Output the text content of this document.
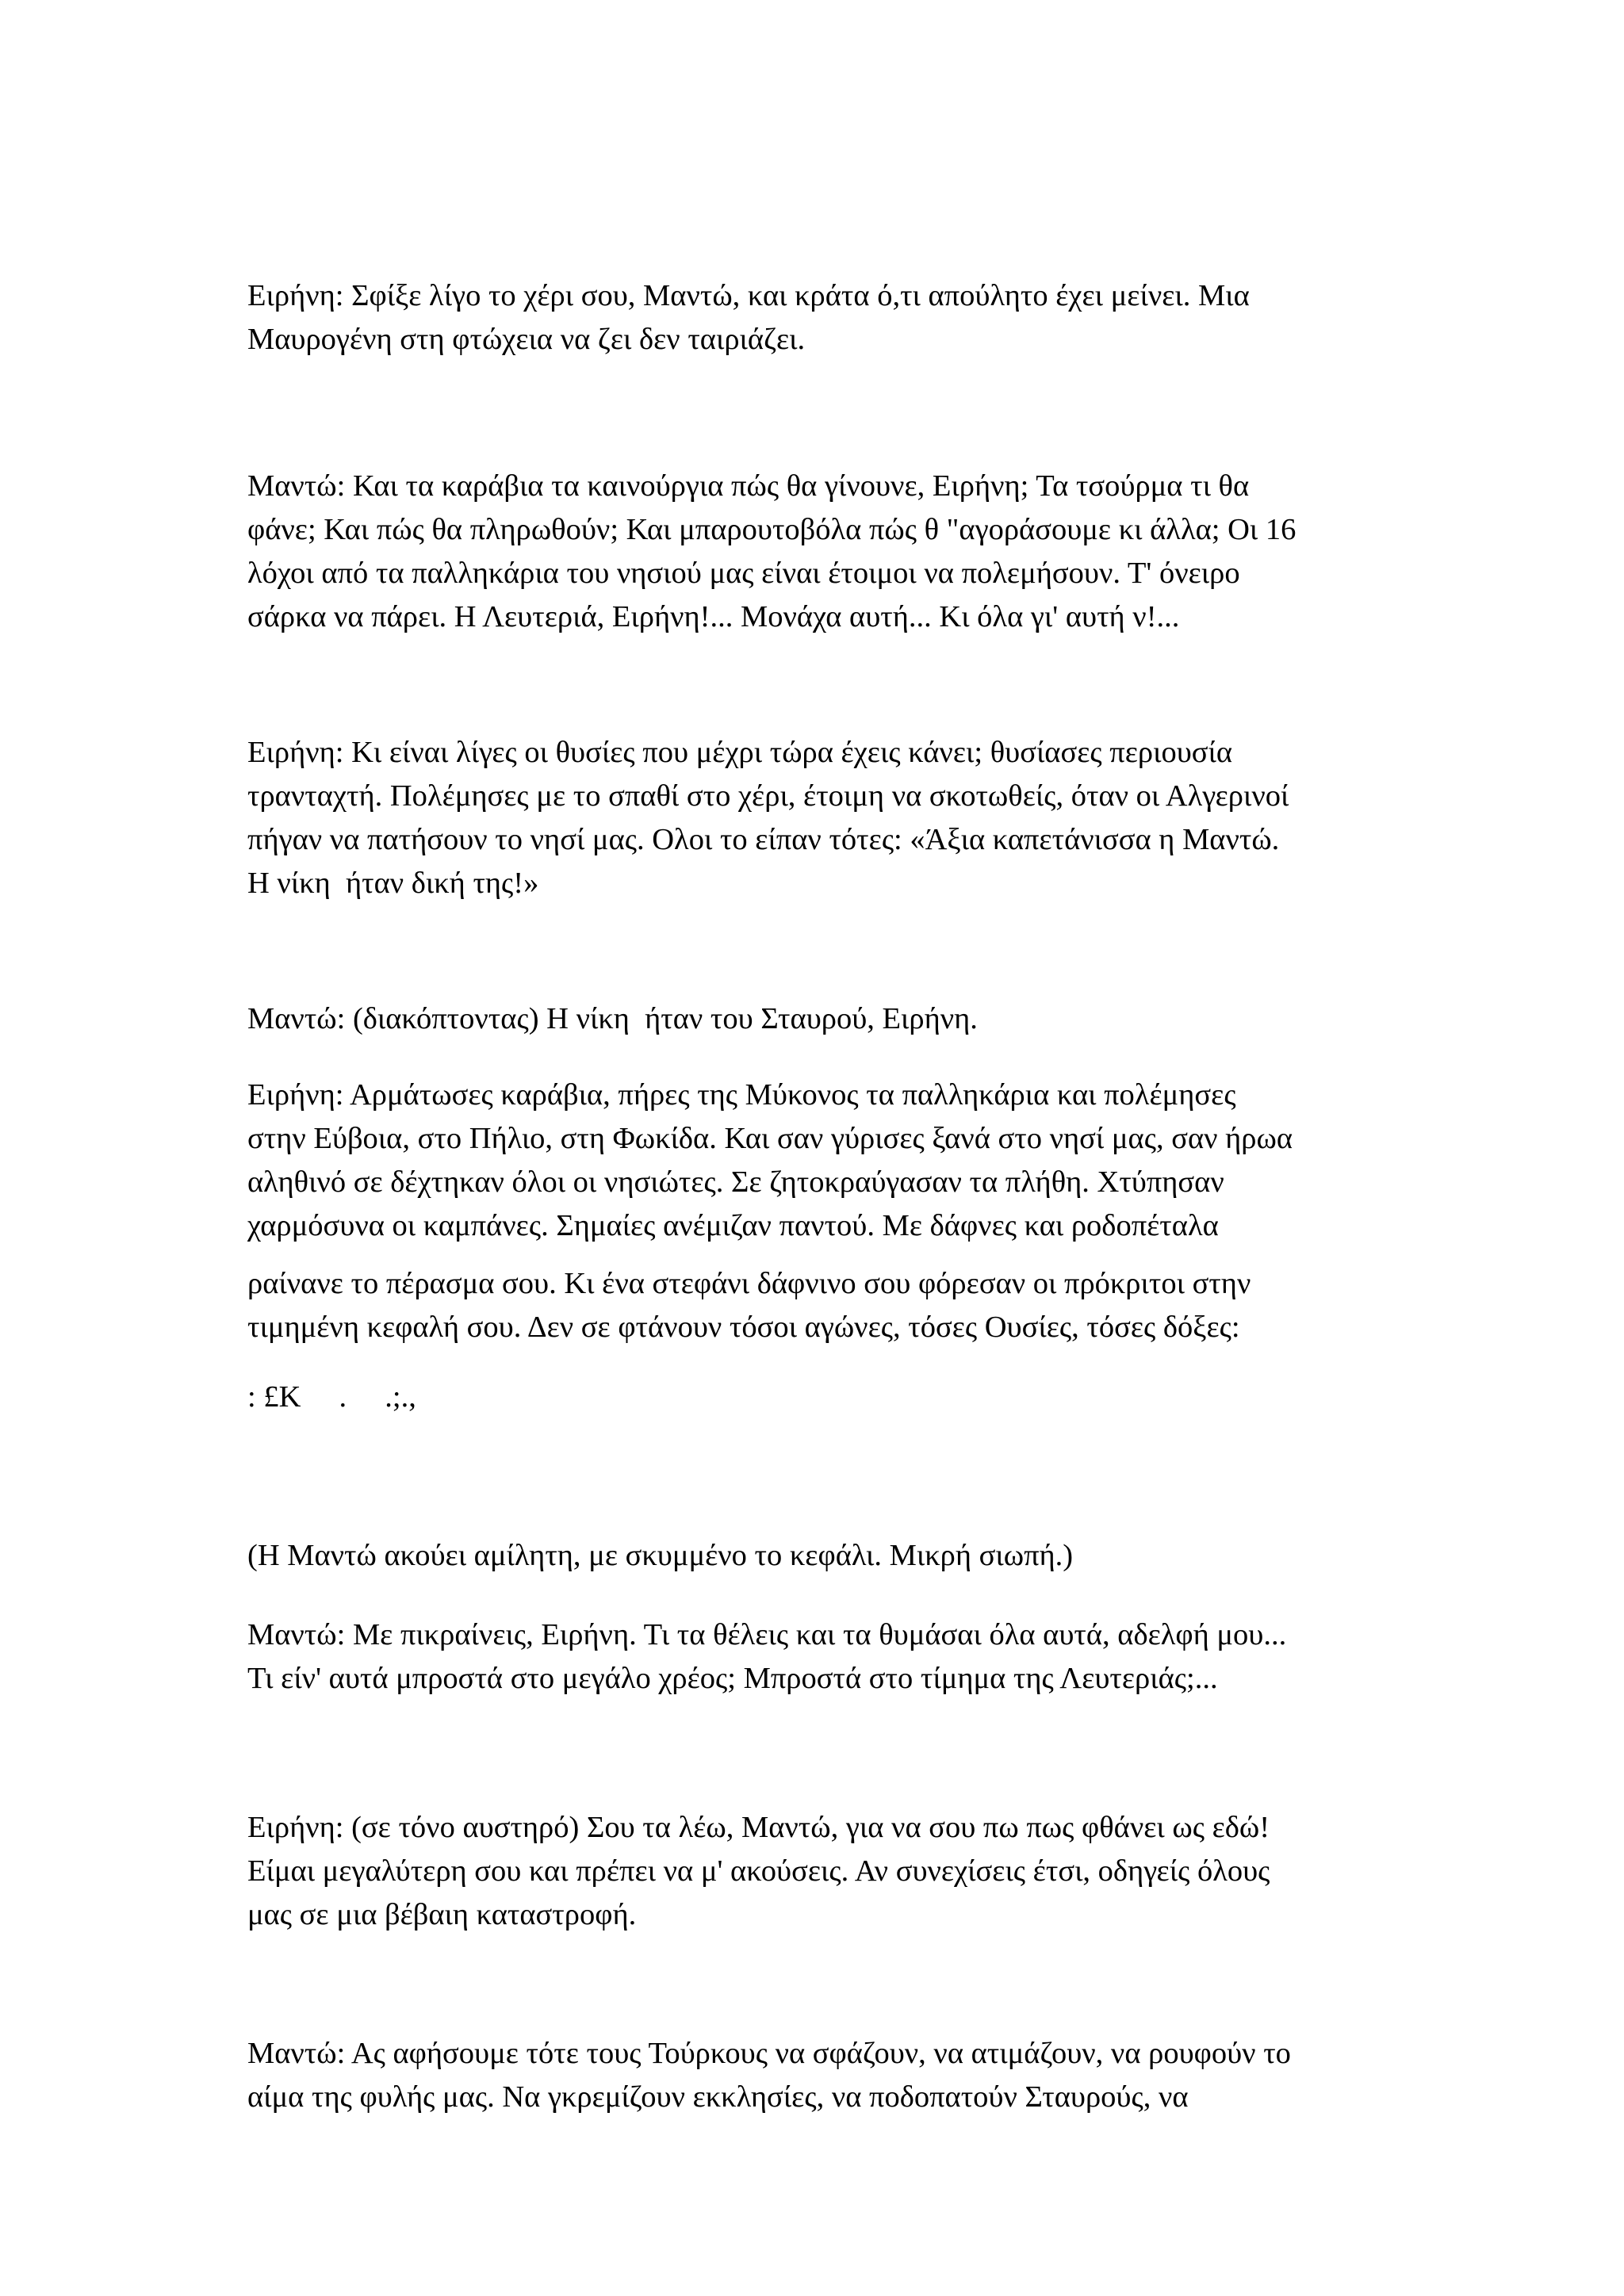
Ειρήνη: Σφίξε λίγο το χέρι σου, Μαντώ, και κράτα ό,τι απούλητο έχει μείνει. Μια
Μαυρογένη στη φτώχεια να ζει δεν ταιριάζει.

Μαντώ: Και τα καράβια τα καινούργια πώς θα γίνουνε, Ειρήνη; Τα τσούρμα τι θα
φάνε; Και πώς θα πληρωθούν; Και μπαρουτοβόλα πώς θ "αγοράσουμε κι άλλα; Οι 16
λόχοι από τα παλληκάρια του νησιού μας είναι έτοιμοι να πολεμήσουν. Τ' όνειρο
σάρκα να πάρει. Η Λευτεριά, Ειρήνη!... Μονάχα αυτή... Κι όλα γι' αυτή ν!...

Ειρήνη: Κι είναι λίγες οι θυσίες που μέχρι τώρα έχεις κάνει; θυσίασες περιουσία
τρανταχτή. Πολέμησες με το σπαθί στο χέρι, έτοιμη να σκοτωθείς, όταν οι Αλγερινοί
πήγαν να πατήσουν το νησί μας. Ολοι το είπαν τότες: «Άξια καπετάνισσα η Μαντώ.
Η νίκη  ήταν δική της!»

Μαντώ: (διακόπτοντας) Η νίκη  ήταν του Σταυρού, Ειρήνη.

Ειρήνη: Αρμάτωσες καράβια, πήρες της Μύκονος τα παλληκάρια και πολέμησες
στην Εύβοια, στο Πήλιο, στη Φωκίδα. Και σαν γύρισες ξανά στο νησί μας, σαν ήρωα
αληθινό σε δέχτηκαν όλοι οι νησιώτες. Σε ζητοκραύγασαν τα πλήθη. Χτύπησαν
χαρμόσυνα οι καμπάνες. Σημαίες ανέμιζαν παντού. Με δάφνες και ροδοπέταλα

ραίνανε το πέρασμα σου. Κι ένα στεφάνι δάφνινο σου φόρεσαν οι πρόκριτοι στην
τιμημένη κεφαλή σου. Δεν σε φτάνουν τόσοι αγώνες, τόσες Ουσίες, τόσες δόξες:

: £Κ     .     .;.,

(Η Μαντώ ακούει αμίλητη, με σκυμμένο το κεφάλι. Μικρή σιωπή.)

Μαντώ: Με πικραίνεις, Ειρήνη. Τι τα θέλεις και τα θυμάσαι όλα αυτά, αδελφή μου...
Τι είν' αυτά μπροστά στο μεγάλο χρέος; Μπροστά στο τίμημα της Λευτεριάς;...

Ειρήνη: (σε τόνο αυστηρό) Σου τα λέω, Μαντώ, για να σου πω πως φθάνει ως εδώ!
Είμαι μεγαλύτερη σου και πρέπει να μ' ακούσεις. Αν συνεχίσεις έτσι, οδηγείς όλους
μας σε μια βέβαιη καταστροφή.

Μαντώ: Ας αφήσουμε τότε τους Τούρκους να σφάζουν, να ατιμάζουν, να ρουφούν το
αίμα της φυλής μας. Να γκρεμίζουν εκκλησίες, να ποδοπατούν Σταυρούς, να
